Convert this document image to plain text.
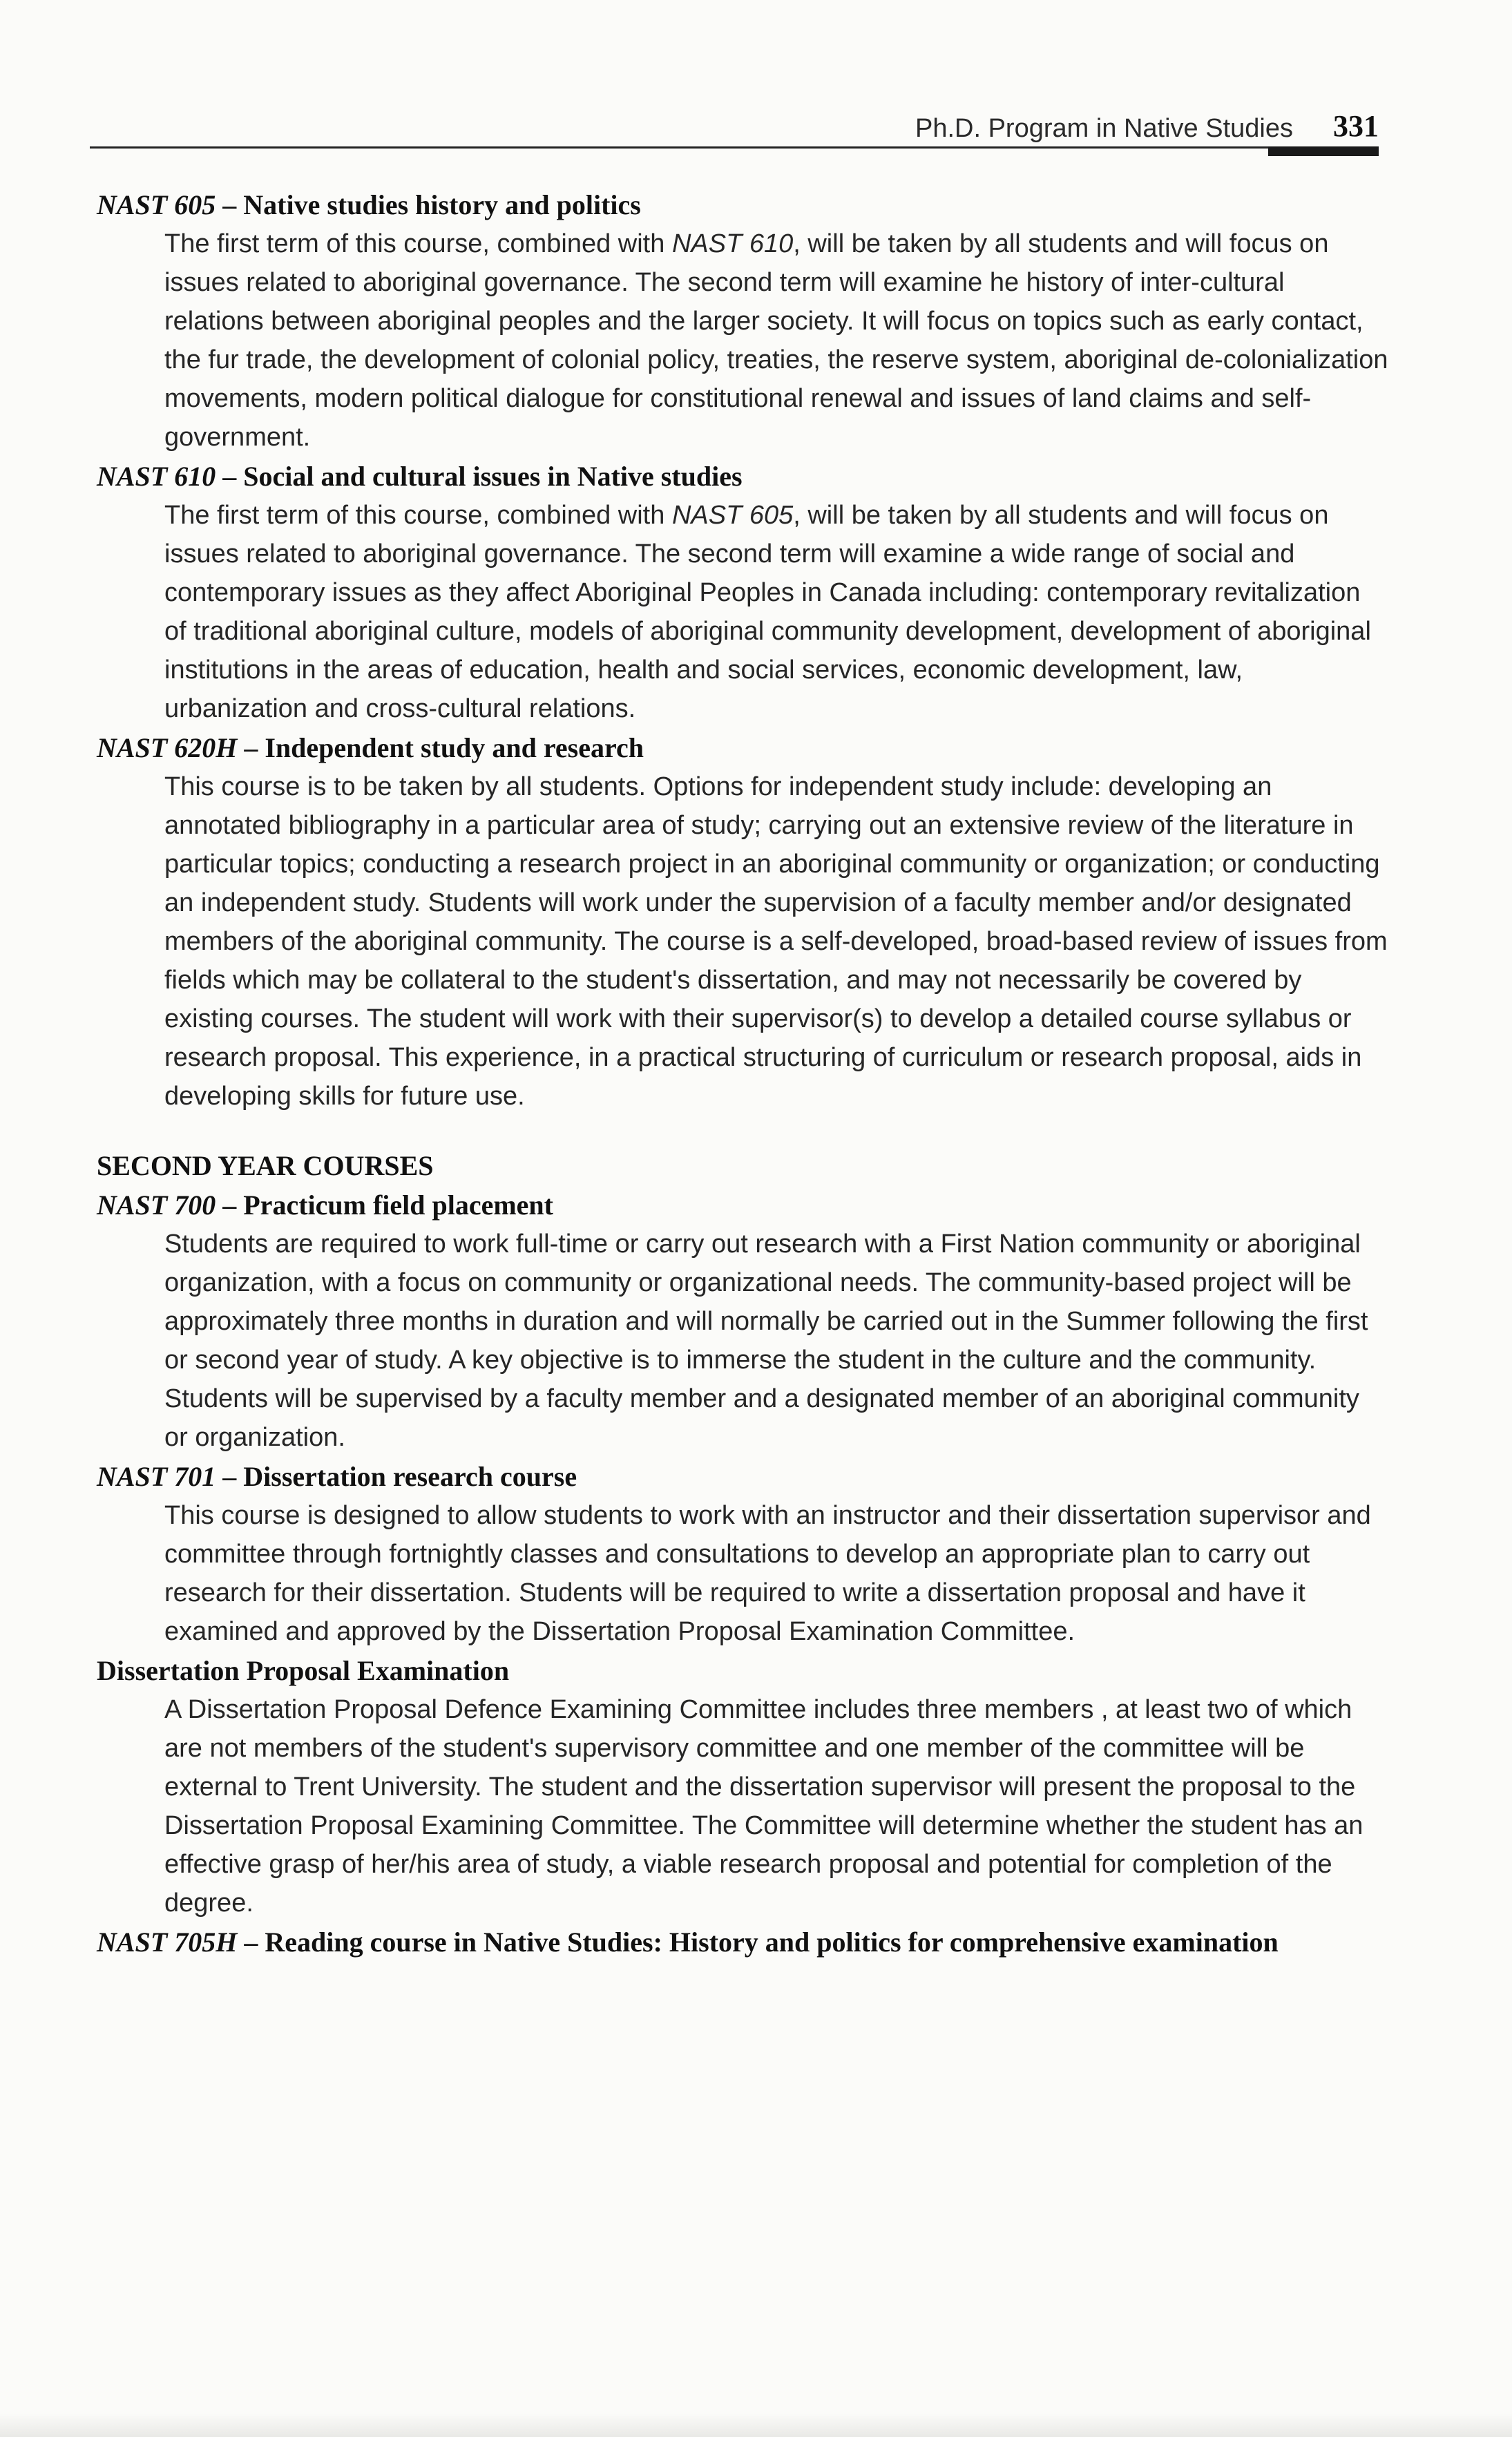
Ph.D. Program in Native Studies 331

NAST 605 – Native studies history and politics

The first term of this course, combined with NAST 610, will be taken by all students and will focus on issues related to aboriginal governance. The second term will examine he history of inter-cultural relations between aboriginal peoples and the larger society. It will focus on topics such as early contact, the fur trade, the development of colonial policy, treaties, the reserve system, aboriginal de-colonialization movements, modern political dialogue for constitutional renewal and issues of land claims and self-government.

NAST 610 – Social and cultural issues in Native studies

The first term of this course, combined with NAST 605, will be taken by all students and will focus on issues related to aboriginal governance. The second term will examine a wide range of social and contemporary issues as they affect Aboriginal Peoples in Canada including: contemporary revitalization of traditional aboriginal culture, models of aboriginal community development, development of aboriginal institutions in the areas of education, health and social services, economic development, law, urbanization and cross-cultural relations.

NAST 620H – Independent study and research

This course is to be taken by all students. Options for independent study include: developing an annotated bibliography in a particular area of study; carrying out an extensive review of the literature in particular topics; conducting a research project in an aboriginal community or organization; or conducting an independent study. Students will work under the supervision of a faculty member and/or designated members of the aboriginal community. The course is a self-developed, broad-based review of issues from fields which may be collateral to the student's dissertation, and may not necessarily be covered by existing courses. The student will work with their supervisor(s) to develop a detailed course syllabus or research proposal. This experience, in a practical structuring of curriculum or research proposal, aids in developing skills for future use.

SECOND YEAR COURSES

NAST 700 – Practicum field placement

Students are required to work full-time or carry out research with a First Nation community or aboriginal organization, with a focus on community or organizational needs. The community-based project will be approximately three months in duration and will normally be carried out in the Summer following the first or second year of study. A key objective is to immerse the student in the culture and the community. Students will be supervised by a faculty member and a designated member of an aboriginal community or organization.

NAST 701 – Dissertation research course

This course is designed to allow students to work with an instructor and their dissertation supervisor and committee through fortnightly classes and consultations to develop an appropriate plan to carry out research for their dissertation. Students will be required to write a dissertation proposal and have it examined and approved by the Dissertation Proposal Examination Committee.

Dissertation Proposal Examination

A Dissertation Proposal Defence Examining Committee includes three members , at least two of which are not members of the student's supervisory committee and one member of the committee will be external to Trent University. The student and the dissertation supervisor will present the proposal to the Dissertation Proposal Examining Committee. The Committee will determine whether the student has an effective grasp of her/his area of study, a viable research proposal and potential for completion of the degree.

NAST 705H – Reading course in Native Studies: History and politics for comprehensive examination
